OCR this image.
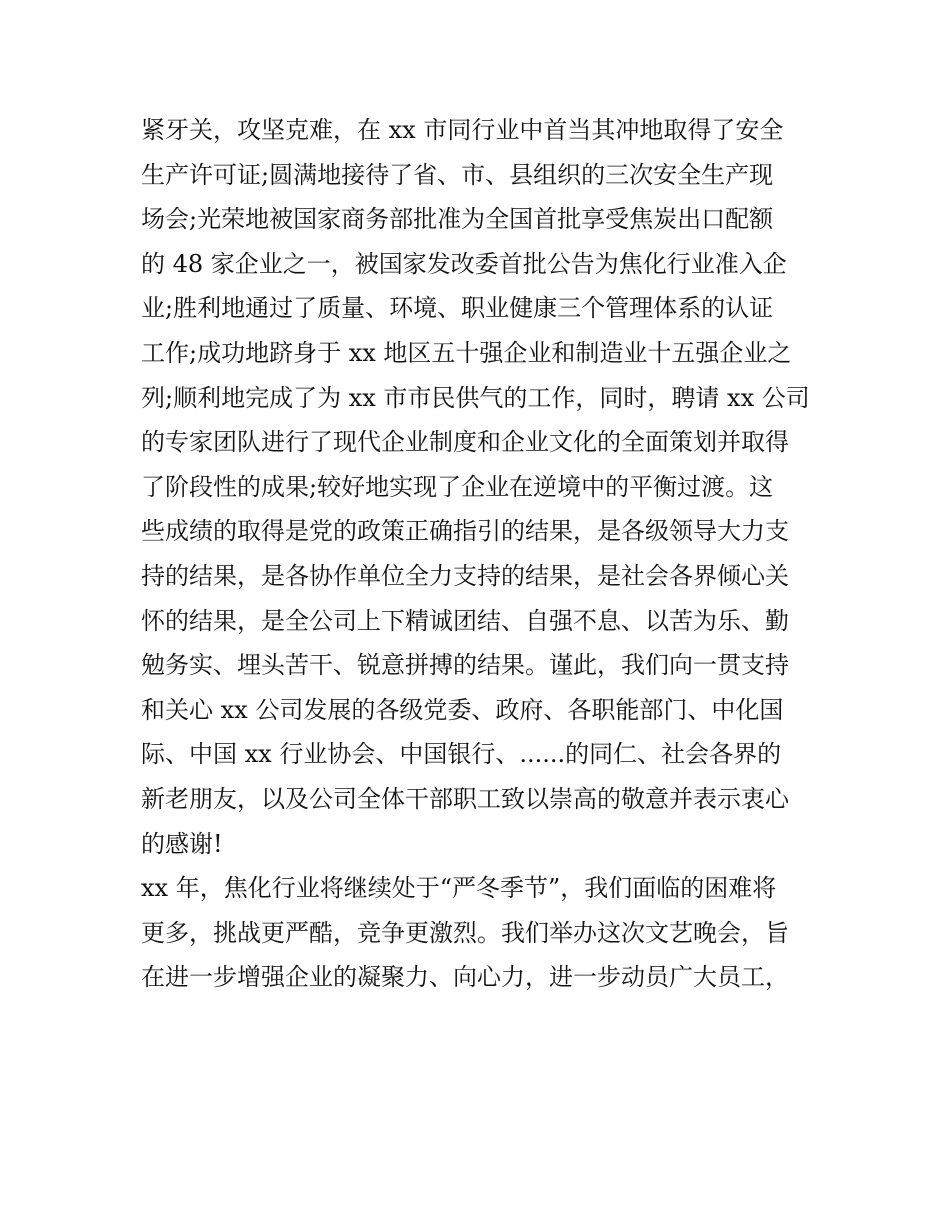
紧牙关，攻坚克难，在 xx 市同行业中首当其冲地取得了安全
生产许可证;圆满地接待了省、市、县组织的三次安全生产现
场会;光荣地被国家商务部批准为全国首批享受焦炭出口配额
的 48 家企业之一，被国家发改委首批公告为焦化行业准入企
业;胜利地通过了质量、环境、职业健康三个管理体系的认证
工作;成功地跻身于 xx 地区五十强企业和制造业十五强企业之
列;顺利地完成了为 xx 市市民供气的工作，同时，聘请 xx 公司
的专家团队进行了现代企业制度和企业文化的全面策划并取得
了阶段性的成果;较好地实现了企业在逆境中的平衡过渡。这
些成绩的取得是党的政策正确指引的结果，是各级领导大力支
持的结果，是各协作单位全力支持的结果，是社会各界倾心关
怀的结果，是全公司上下精诚团结、自强不息、以苦为乐、勤
勉务实、埋头苦干、锐意拼搏的结果。谨此，我们向一贯支持
和关心 xx 公司发展的各级党委、政府、各职能部门、中化国
际、中国 xx 行业协会、中国银行、......的同仁、社会各界的
新老朋友，以及公司全体干部职工致以崇高的敬意并表示衷心
的感谢!
xx 年，焦化行业将继续处于“严冬季节”，我们面临的困难将
更多，挑战更严酷，竞争更激烈。我们举办这次文艺晚会，旨
在进一步增强企业的凝聚力、向心力，进一步动员广大员工，
